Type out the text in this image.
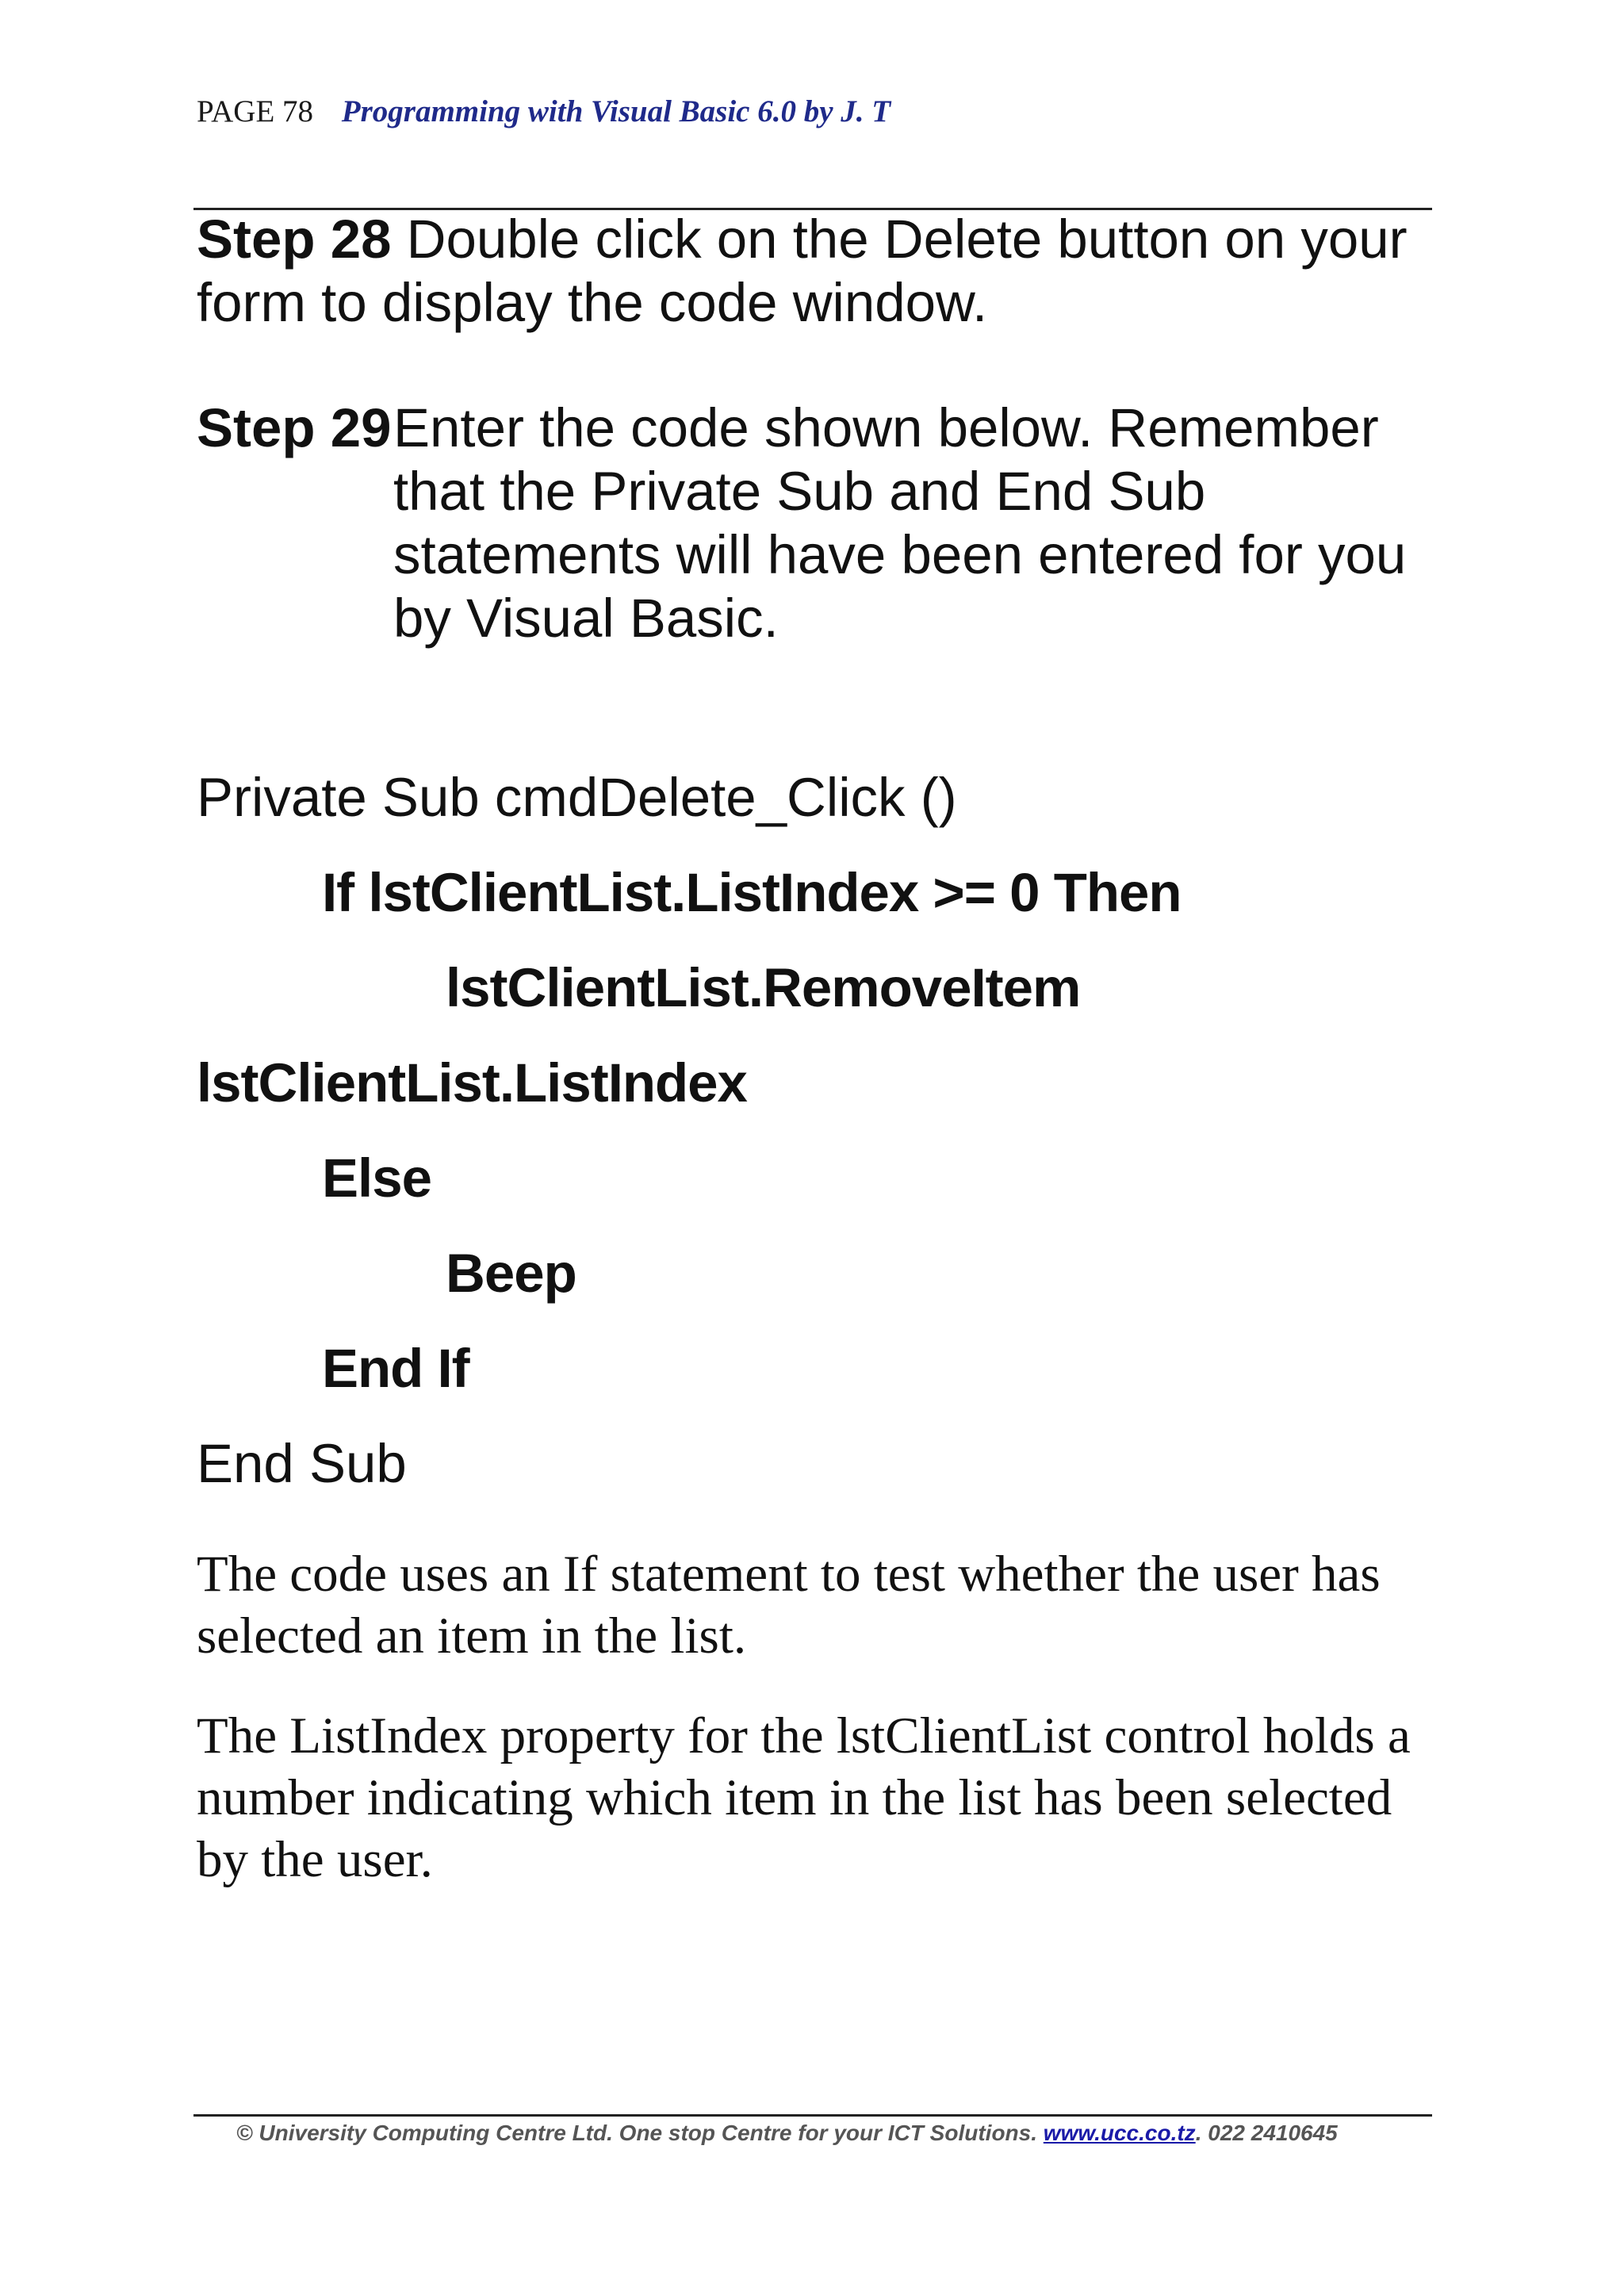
PAGE 78 Programming with Visual Basic 6.0 by J. T
Step 28 Double click on the Delete button on your form to display the code window.
Step 29 Enter the code shown below. Remember
that the Private Sub and End Sub
statements will have been entered for you
by Visual Basic.
Private Sub cmdDelete_Click ()
If lstClientList.ListIndex >= 0 Then
lstClientList.RemoveItem
lstClientList.ListIndex
Else
Beep
End If
End Sub
The code uses an If statement to test whether the user has selected an item in the list.
The ListIndex property for the lstClientList control holds a number indicating which item in the list has been selected by the user.
© University Computing Centre Ltd. One stop Centre for your ICT Solutions. www.ucc.co.tz. 022 2410645
